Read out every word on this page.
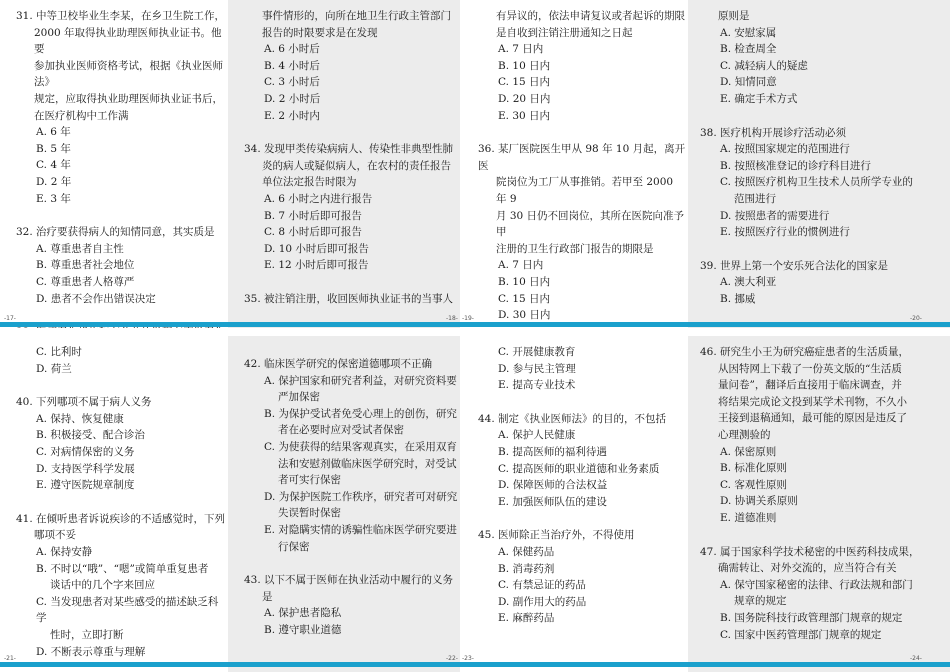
31. 中等卫校毕业生李某，在乡卫生院工作，
2000 年取得执业助理医师执业证书。他要
参加执业医师资格考试，根据《执业医师法》
规定，应取得执业助理医师执业证书后，
在医疗机构中工作满
A. 6 年
B. 5 年
C. 4 年
D. 2 年
E. 3 年
32. 治疗要获得病人的知情同意，其实质是
A. 尊重患者自主性
B. 尊重患者社会地位
C. 尊重患者人格尊严
D. 患者不会作出错误决定
事件情形的，向所在地卫生行政主管部门
报告的时限要求是在发现
A. 6 小时后
B. 4 小时后
C. 3 小时后
D. 2 小时后
E. 2 小时内
34. 发现甲类传染病病人、传染性非典型性肺
炎的病人或疑似病人，在农村的责任报告
单位法定报告时限为
A. 6 小时之内进行报告
B. 7 小时后即可报告
C. 8 小时后即可报告
D. 10 小时后即可报告
E. 12 小时后即可报告
35. 被注销注册，收回医师执业证书的当事人
有异议的，依法申请复议或者起诉的期限
是自收到注销注册通知之日起
A. 7 日内
B. 10 日内
C. 15 日内
D. 20 日内
E. 30 日内
36. 某厂医院医生甲从 98 年 10 月起，离开医
院岗位为工厂从事推销。若甲至 2000 年 9
月 30 日仍不回岗位，其所在医院向准予甲
注册的卫生行政部门报告的期限是
A. 7 日内
B. 10 日内
C. 15 日内
D. 30 日内
原则是
A. 安慰家属
B. 检查周全
C. 减轻病人的疑虑
D. 知情同意
E. 确定手术方式
38. 医疗机构开展诊疗活动必须
A. 按照国家规定的范围进行
B. 按照核准登记的诊疗科目进行
C. 按照医疗机构卫生技术人员所学专业的
范围进行
D. 按照患者的需要进行
E. 按照医疗行业的惯例进行
39. 世界上第一个安乐死合法化的国家是
A. 澳大利亚
B. 挪威
-17-	-18- -19-	-20-
C. 比利时
D. 荷兰
40. 下列哪项不属于病人义务
A. 保持、恢复健康
B. 积极接受、配合诊治
C. 对病情保密的义务
D. 支持医学科学发展
E. 遵守医院规章制度
41. 在倾听患者诉说疾诊的不适感觉时，下列
哪项不妥
A. 保持安静
B. 不时以“哦”、“嗯”或简单重复患者
谈话中的几个字来回应
C. 当发现患者对某些感受的描述缺乏科学
性时，立即打断
D. 不断表示尊重与理解
42. 临床医学研究的保密道德哪项不正确
A. 保护国家和研究者利益，对研究资料要
严加保密
B. 为保护受试者免受心理上的创伤，研究
者在必要时应对受试者保密
C. 为使获得的结果客观真实，在采用双育
法和安慰剂做临床医学研究时，对受试
者可实行保密
D. 为保护医院工作秩序，研究者可对研究
失误暂时保密
E. 对隐瞒实情的诱骗性临床医学研究要进
行保密
43. 以下不属于医师在执业活动中履行的义务
是
A. 保护患者隐私
B. 遵守职业道德
C. 开展健康教育
D. 参与民主管理
E. 提高专业技术
44. 制定《执业医师法》的目的，不包括
A. 保护人民健康
B. 提高医师的福利待遇
C. 提高医师的职业道德和业务素质
D. 保障医师的合法权益
E. 加强医师队伍的建设
45. 医师除正当治疗外，不得使用
A. 保健药品
B. 消毒药剂
C. 有禁忌证的药品
D. 副作用大的药品
E. 麻醉药品
46. 研究生小王为研究癌症患者的生活质量，
从因特网上下载了一份英文版的“生活质
量问卷”，翻译后直接用于临床调查，并
将结果完成论文投到某学术刊物，不久小
王接到退稿通知，最可能的原因是违反了
心理测验的
A. 保密原则
B. 标准化原则
C. 客观性原则
D. 协调关系原则
E. 道德准则
47. 属于国家科学技术秘密的中医药科技成果，
确需转让、对外交流的，应当符合有关
A. 保守国家秘密的法律、行政法规和部门
规章的规定
B. 国务院科技行政管理部门规章的规定
C. 国家中医药管理部门规章的规定
-21-	-22- -23-	-24-
